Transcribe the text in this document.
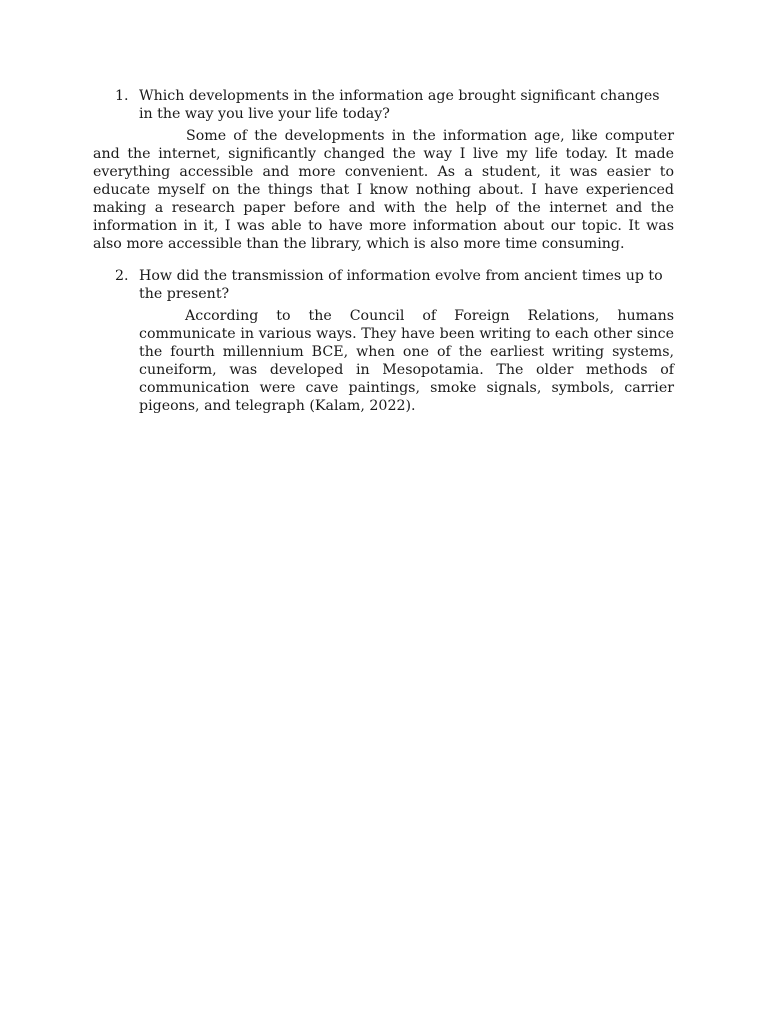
1. Which developments in the information age brought significant changes in the way you live your life today?
Some of the developments in the information age, like computer and the internet, significantly changed the way I live my life today. It made everything accessible and more convenient. As a student, it was easier to educate myself on the things that I know nothing about. I have experienced making a research paper before and with the help of the internet and the information in it, I was able to have more information about our topic. It was also more accessible than the library, which is also more time consuming.
2. How did the transmission of information evolve from ancient times up to the present?
According to the Council of Foreign Relations, humans communicate in various ways. They have been writing to each other since the fourth millennium BCE, when one of the earliest writing systems, cuneiform, was developed in Mesopotamia. The older methods of communication were cave paintings, smoke signals, symbols, carrier pigeons, and telegraph (Kalam, 2022).
